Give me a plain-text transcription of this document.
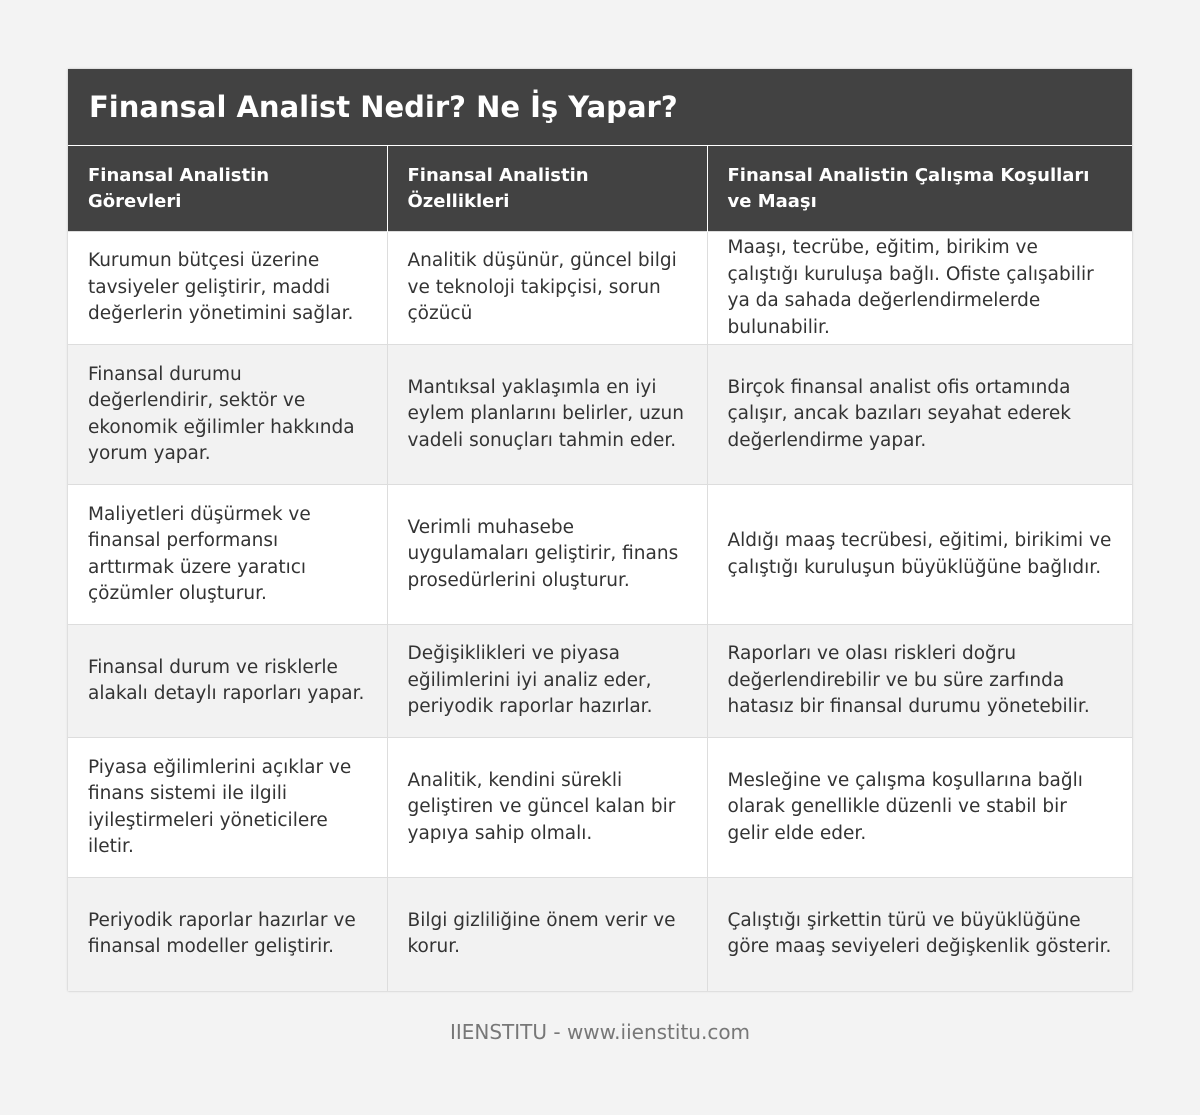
Finansal Analist Nedir? Ne İş Yapar?
Finansal Analistin Görevleri	Finansal Analistin Özellikleri	Finansal Analistin Çalışma Koşulları ve Maaşı
Kurumun bütçesi üzerine tavsiyeler geliştirir, maddi değerlerin yönetimini sağlar.	Analitik düşünür, güncel bilgi ve teknoloji takipçisi, sorun çözücü	Maaşı, tecrübe, eğitim, birikim ve çalıştığı kuruluşa bağlı. Ofiste çalışabilir ya da sahada değerlendirmelerde bulunabilir.
Finansal durumu değerlendirir, sektör ve ekonomik eğilimler hakkında yorum yapar.	Mantıksal yaklaşımla en iyi eylem planlarını belirler, uzun vadeli sonuçları tahmin eder.	Birçok finansal analist ofis ortamında çalışır, ancak bazıları seyahat ederek değerlendirme yapar.
Maliyetleri düşürmek ve finansal performansı arttırmak üzere yaratıcı çözümler oluşturur.	Verimli muhasebe uygulamaları geliştirir, finans prosedürlerini oluşturur.	Aldığı maaş tecrübesi, eğitimi, birikimi ve çalıştığı kuruluşun büyüklüğüne bağlıdır.
Finansal durum ve risklerle alakalı detaylı raporları yapar.	Değişiklikleri ve piyasa eğilimlerini iyi analiz eder, periyodik raporlar hazırlar.	Raporları ve olası riskleri doğru değerlendirebilir ve bu süre zarfında hatasız bir finansal durumu yönetebilir.
Piyasa eğilimlerini açıklar ve finans sistemi ile ilgili iyileştirmeleri yöneticilere iletir.	Analitik, kendini sürekli geliştiren ve güncel kalan bir yapıya sahip olmalı.	Mesleğine ve çalışma koşullarına bağlı olarak genellikle düzenli ve stabil bir gelir elde eder.
Periyodik raporlar hazırlar ve finansal modeller geliştirir.	Bilgi gizliliğine önem verir ve korur.	Çalıştığı şirkettin türü ve büyüklüğüne göre maaş seviyeleri değişkenlik gösterir.
IIENSTITU - www.iienstitu.com
